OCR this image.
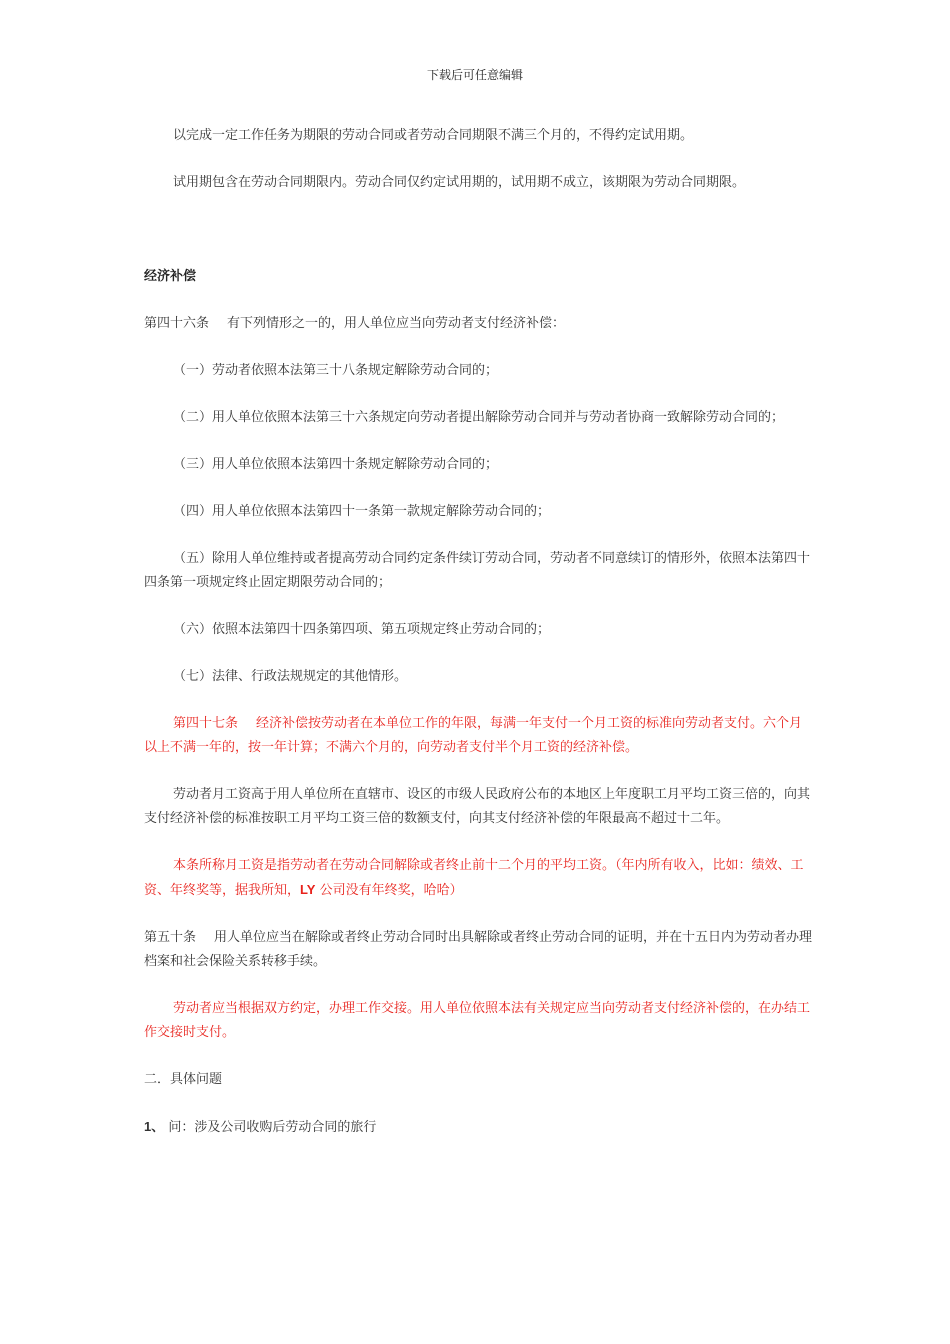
下载后可任意编辑

以完成一定工作任务为期限的劳动合同或者劳动合同期限不满三个月的，不得约定试用期。

试用期包含在劳动合同期限内。劳动合同仅约定试用期的，试用期不成立，该期限为劳动合同期限。

经济补偿

第四十六条 有下列情形之一的，用人单位应当向劳动者支付经济补偿：

（一）劳动者依照本法第三十八条规定解除劳动合同的；

（二）用人单位依照本法第三十六条规定向劳动者提出解除劳动合同并与劳动者协商一致解除劳动合同的；

（三）用人单位依照本法第四十条规定解除劳动合同的；

（四）用人单位依照本法第四十一条第一款规定解除劳动合同的；

（五）除用人单位维持或者提高劳动合同约定条件续订劳动合同，劳动者不同意续订的情形外，依照本法第四十四条第一项规定终止固定期限劳动合同的；

（六）依照本法第四十四条第四项、第五项规定终止劳动合同的；

（七）法律、行政法规规定的其他情形。

第四十七条 经济补偿按劳动者在本单位工作的年限，每满一年支付一个月工资的标准向劳动者支付。六个月以上不满一年的，按一年计算；不满六个月的，向劳动者支付半个月工资的经济补偿。

劳动者月工资高于用人单位所在直辖市、设区的市级人民政府公布的本地区上年度职工月平均工资三倍的，向其支付经济补偿的标准按职工月平均工资三倍的数额支付，向其支付经济补偿的年限最高不超过十二年。

本条所称月工资是指劳动者在劳动合同解除或者终止前十二个月的平均工资。（年内所有收入，比如：绩效、工资、年终奖等，据我所知，LY 公司没有年终奖，哈哈）

第五十条 用人单位应当在解除或者终止劳动合同时出具解除或者终止劳动合同的证明，并在十五日内为劳动者办理档案和社会保险关系转移手续。

劳动者应当根据双方约定，办理工作交接。用人单位依照本法有关规定应当向劳动者支付经济补偿的，在办结工作交接时支付。

二．具体问题

1、 问：涉及公司收购后劳动合同的旅行
